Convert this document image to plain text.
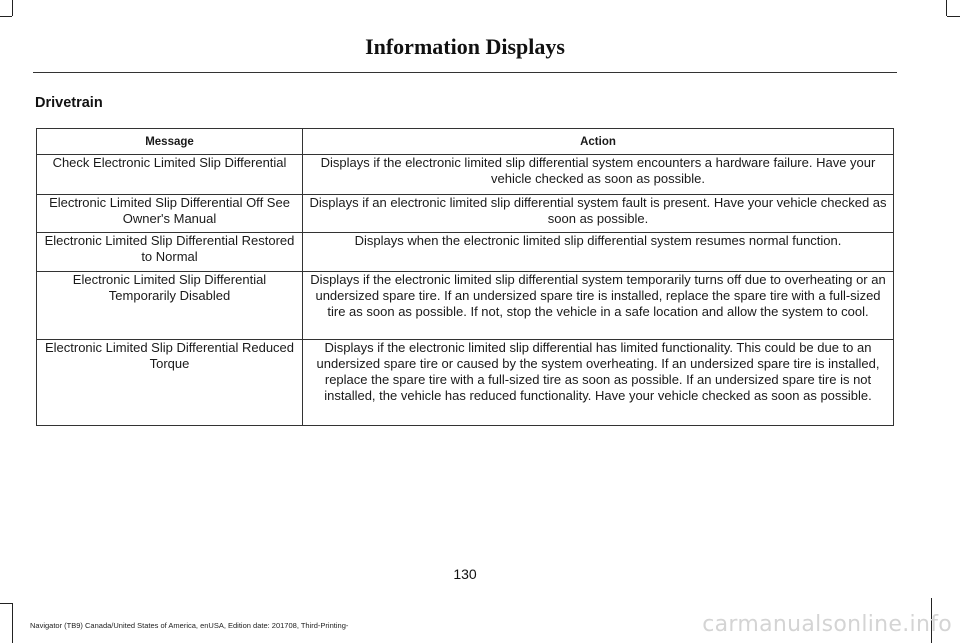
Information Displays
Drivetrain
Message	Action
Check Electronic Limited Slip Differential	Displays if the electronic limited slip differential system encounters a hardware failure. Have your vehicle checked as soon as possible.
Electronic Limited Slip Differential Off See Owner's Manual	Displays if an electronic limited slip differential system fault is present. Have your vehicle checked as soon as possible.
Electronic Limited Slip Differential Restored to Normal	Displays when the electronic limited slip differential system resumes normal function.
Electronic Limited Slip Differential Temporarily Disabled	Displays if the electronic limited slip differential system temporarily turns off due to overheating or an undersized spare tire. If an undersized spare tire is installed, replace the spare tire with a full-sized tire as soon as possible. If not, stop the vehicle in a safe location and allow the system to cool.
Electronic Limited Slip Differential Reduced Torque	Displays if the electronic limited slip differential has limited functionality. This could be due to an undersized spare tire or caused by the system overheating. If an undersized spare tire is installed, replace the spare tire with a full-sized tire as soon as possible. If an undersized spare tire is not installed, the vehicle has reduced functionality. Have your vehicle checked as soon as possible.
130
Navigator (TB9) Canada/United States of America, enUSA, Edition date: 201708, Third-Printing-	carmanualsonline.info
